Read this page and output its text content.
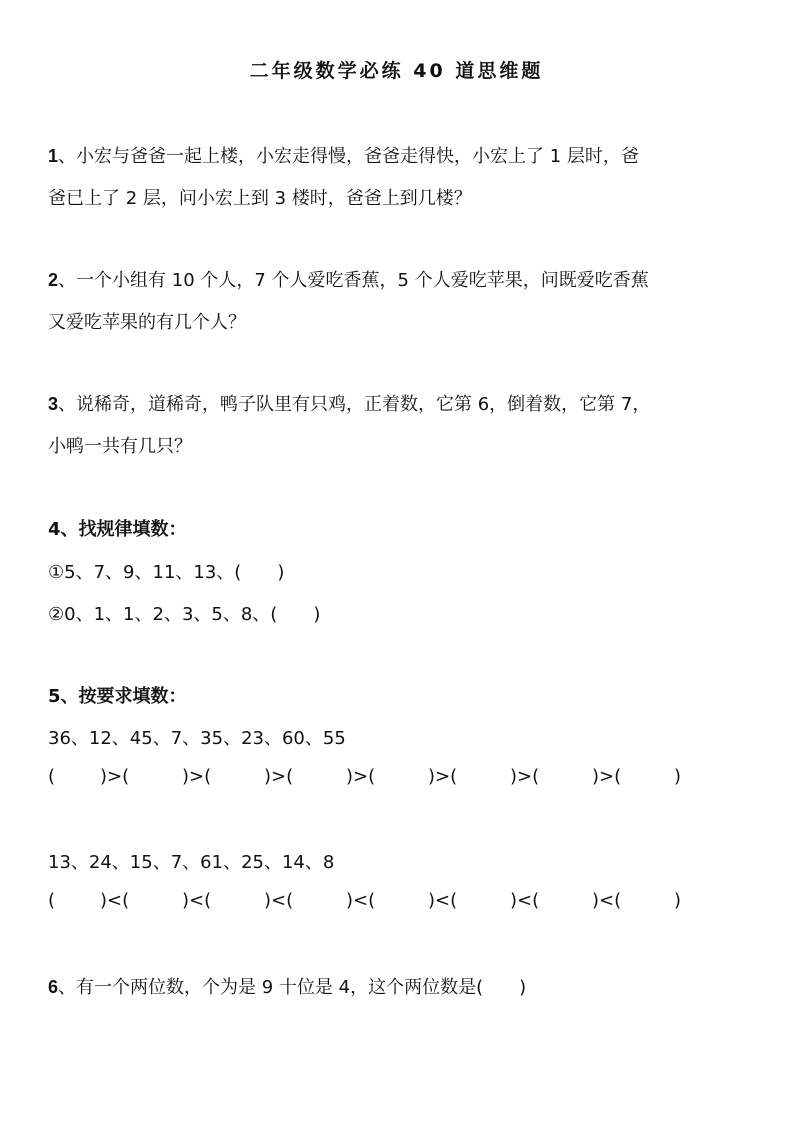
二年级数学必练 40 道思维题
1、小宏与爸爸一起上楼，小宏走得慢，爸爸走得快，小宏上了 1 层时，爸
爸已上了 2 层，问小宏上到 3 楼时，爸爸上到几楼？
2、一个小组有 10 个人，7 个人爱吃香蕉，5 个人爱吃苹果，问既爱吃香蕉
又爱吃苹果的有几个人？
3、说稀奇，道稀奇，鸭子队里有只鸡，正着数，它第 6，倒着数，它第 7，
小鸭一共有几只？
4、找规律填数：
①5、7、9、11、13、(　　)
②0、1、1、2、3、5、8、(　　)
5、按要求填数：
36、12、45、7、35、23、60、55
( )>(	)>(	)>(	)>(	)>(	)>(	)>(	)
13、24、15、7、61、25、14、8
( )<(	)<(	)<(	)<(	)<(	)<(	)<(	)
6、有一个两位数，个为是 9 十位是 4，这个两位数是(　　)
